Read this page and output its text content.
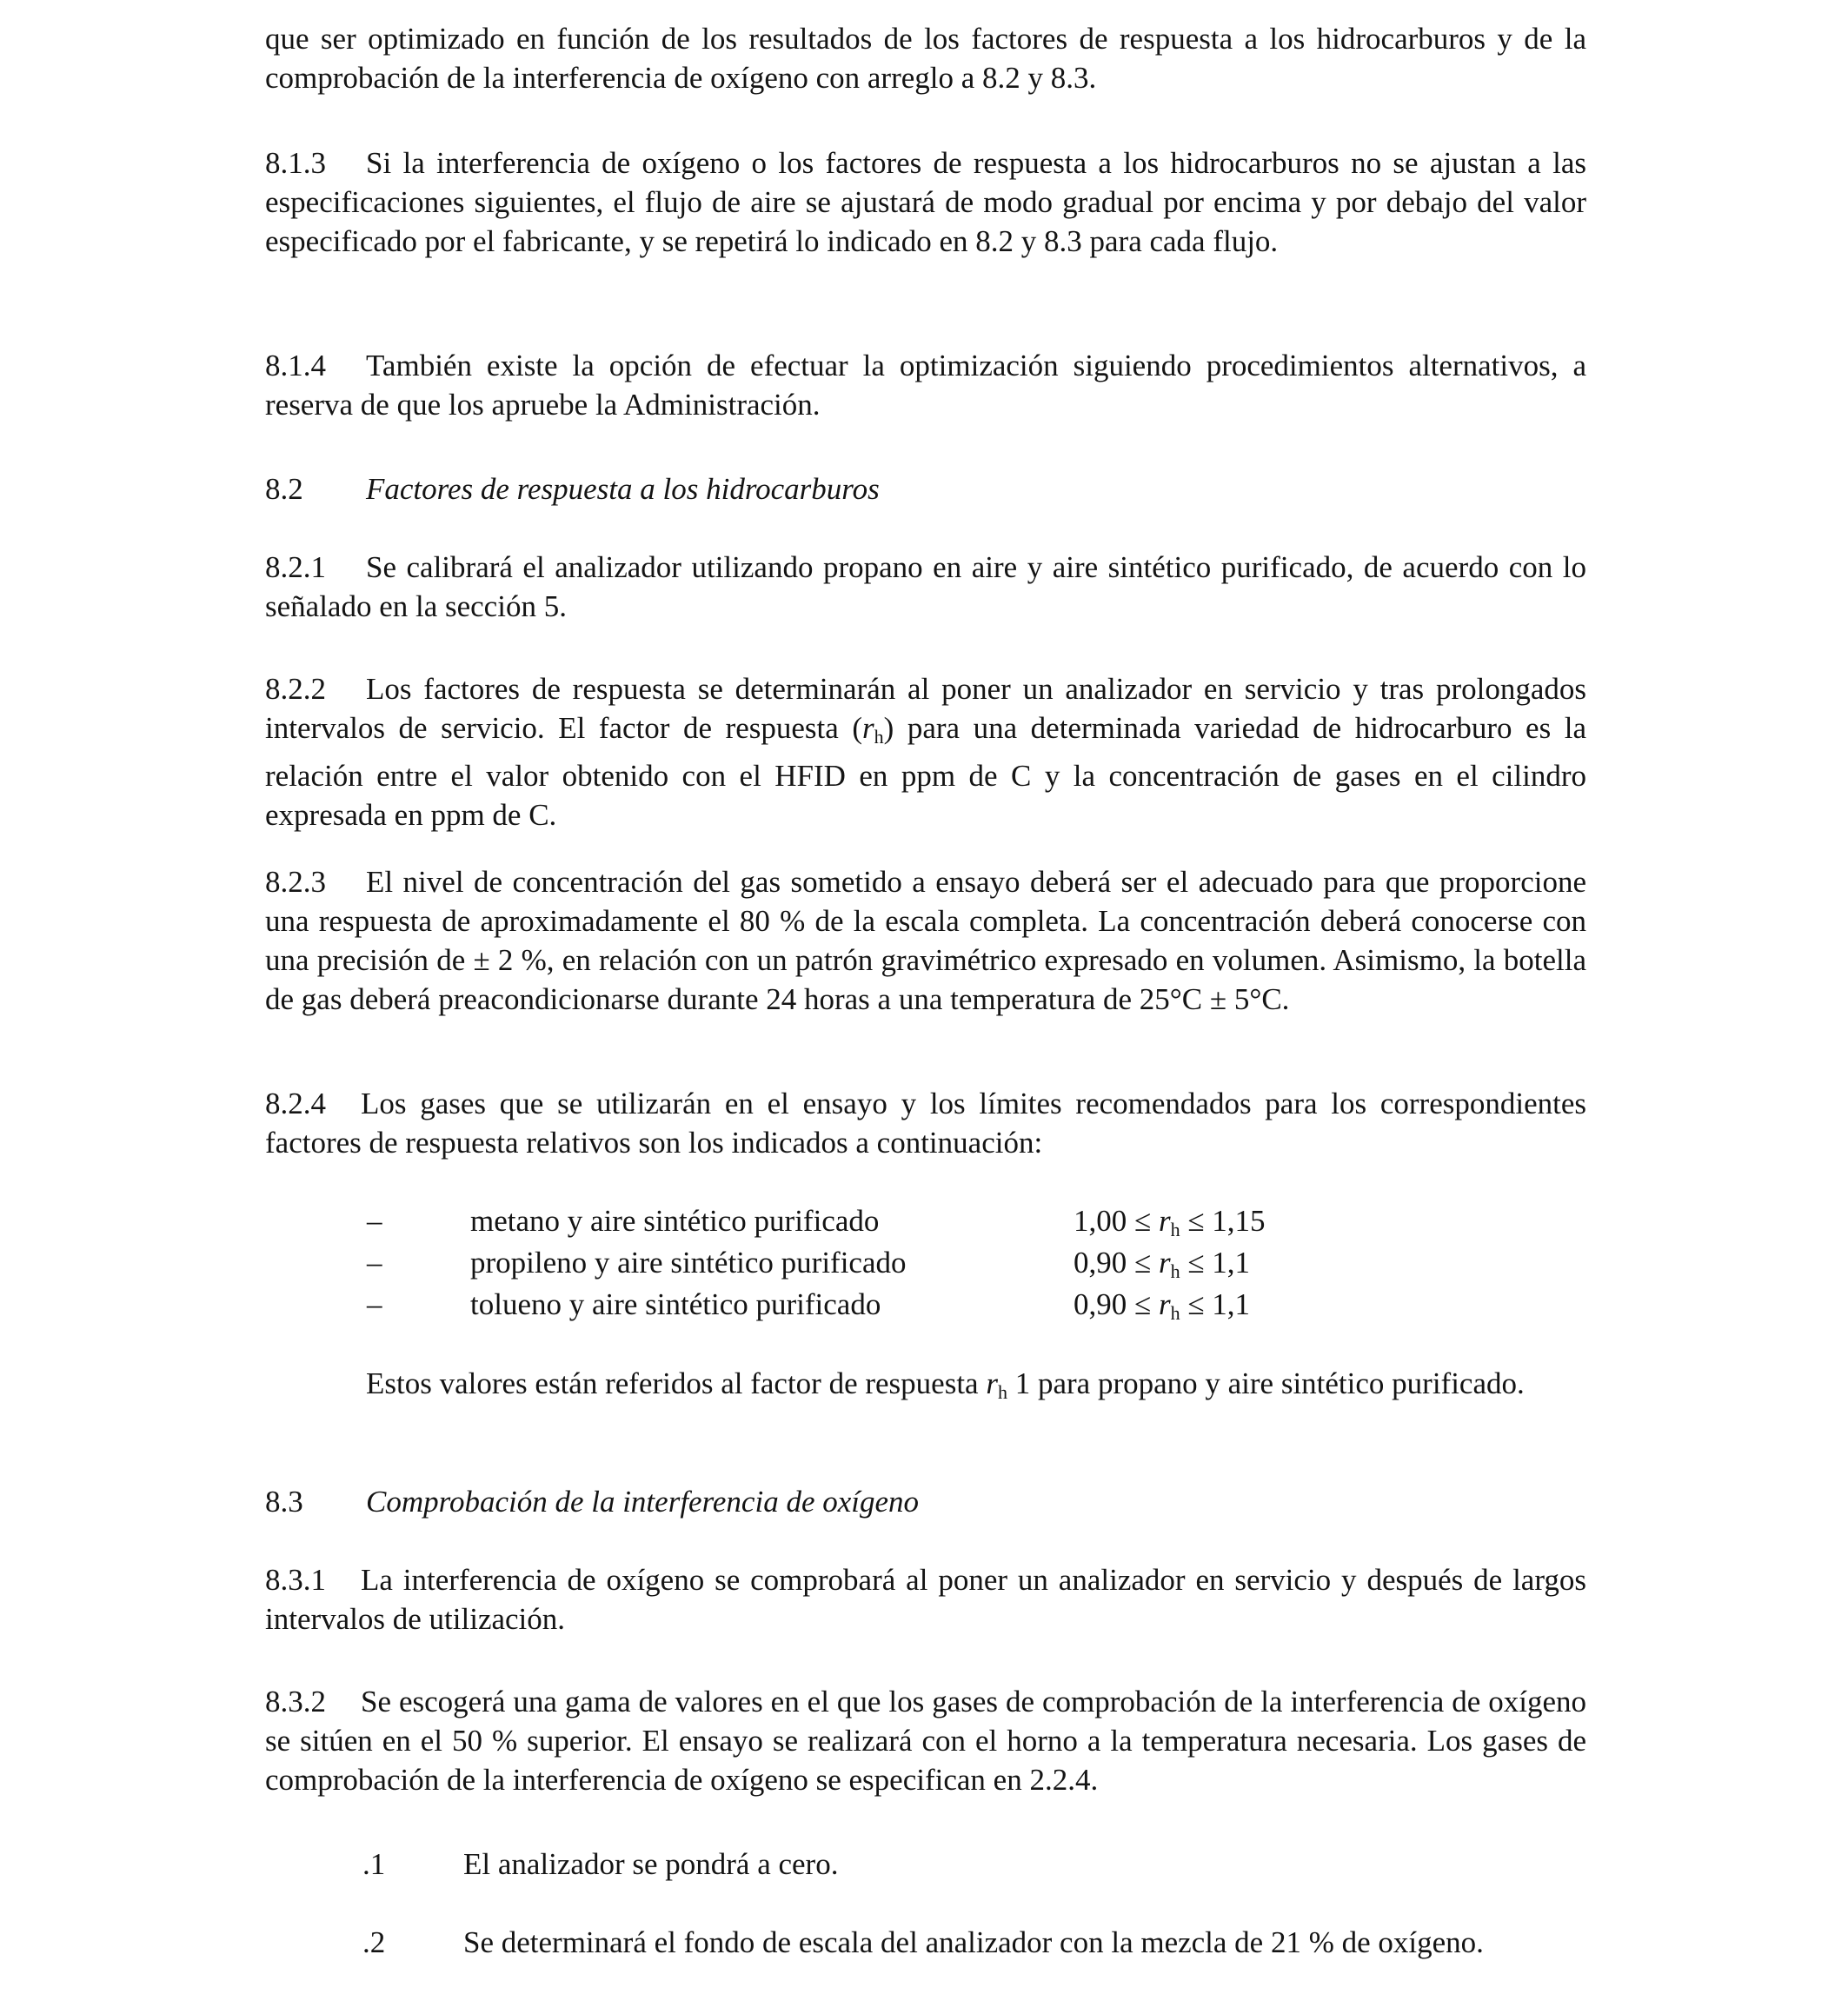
que ser optimizado en función de los resultados de los factores de respuesta a los hidrocarburos y de la comprobación de la interferencia de oxígeno con arreglo a 8.2 y 8.3.

8.1.3 Si la interferencia de oxígeno o los factores de respuesta a los hidrocarburos no se ajustan a las especificaciones siguientes, el flujo de aire se ajustará de modo gradual por encima y por debajo del valor especificado por el fabricante, y se repetirá lo indicado en 8.2 y 8.3 para cada flujo.

8.1.4 También existe la opción de efectuar la optimización siguiendo procedimientos alternativos, a reserva de que los apruebe la Administración.

8.2 Factores de respuesta a los hidrocarburos

8.2.1 Se calibrará el analizador utilizando propano en aire y aire sintético purificado, de acuerdo con lo señalado en la sección 5.

8.2.2 Los factores de respuesta se determinarán al poner un analizador en servicio y tras prolongados intervalos de servicio. El factor de respuesta $(r_h)$ para una determinada variedad de hidrocarburo es la relación entre el valor obtenido con el HFID en ppm de C y la concentración de gases en el cilindro expresada en ppm de C.

8.2.3 El nivel de concentración del gas sometido a ensayo deberá ser el adecuado para que proporcione una respuesta de aproximadamente el 80 % de la escala completa. La concentración deberá conocerse con una precisión de ± 2 %, en relación con un patrón gravimétrico expresado en volumen. Asimismo, la botella de gas deberá preacondicionarse durante 24 horas a una temperatura de 25°C ± 5°C.

8.2.4 Los gases que se utilizarán en el ensayo y los límites recomendados para los correspondientes factores de respuesta relativos son los indicados a continuación:

–	metano y aire sintético purificado	$1,00 \le r_h \le 1,15$
–	propileno y aire sintético purificado	$0,90 \le r_h \le 1,1$
–	tolueno y aire sintético purificado	$0,90 \le r_h \le 1,1$

Estos valores están referidos al factor de respuesta $r_h$ 1 para propano y aire sintético purificado.

8.3 Comprobación de la interferencia de oxígeno

8.3.1 La interferencia de oxígeno se comprobará al poner un analizador en servicio y después de largos intervalos de utilización.

8.3.2 Se escogerá una gama de valores en el que los gases de comprobación de la interferencia de oxígeno se sitúen en el 50 % superior. El ensayo se realizará con el horno a la temperatura necesaria. Los gases de comprobación de la interferencia de oxígeno se especifican en 2.2.4.

.1	El analizador se pondrá a cero.
.2	Se determinará el fondo de escala del analizador con la mezcla de 21 % de oxígeno.
